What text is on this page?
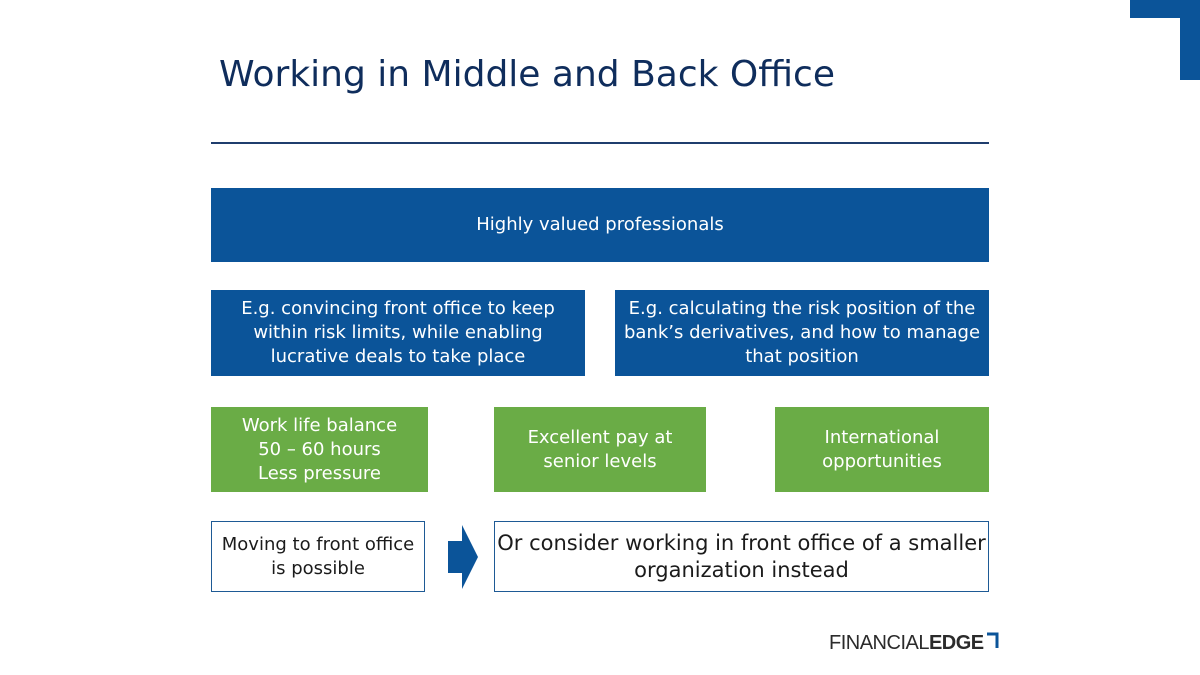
Working in Middle and Back Office
Highly valued professionals
E.g. convincing front office to keep
within risk limits, while enabling
lucrative deals to take place
E.g. calculating the risk position of the
bank’s derivatives, and how to manage
that position
Work life balance
50 – 60 hours
Less pressure
Excellent pay at
senior levels
International
opportunities
Moving to front office
is possible
Or consider working in front office of a smaller
organization instead
FINANCIAL EDGE
